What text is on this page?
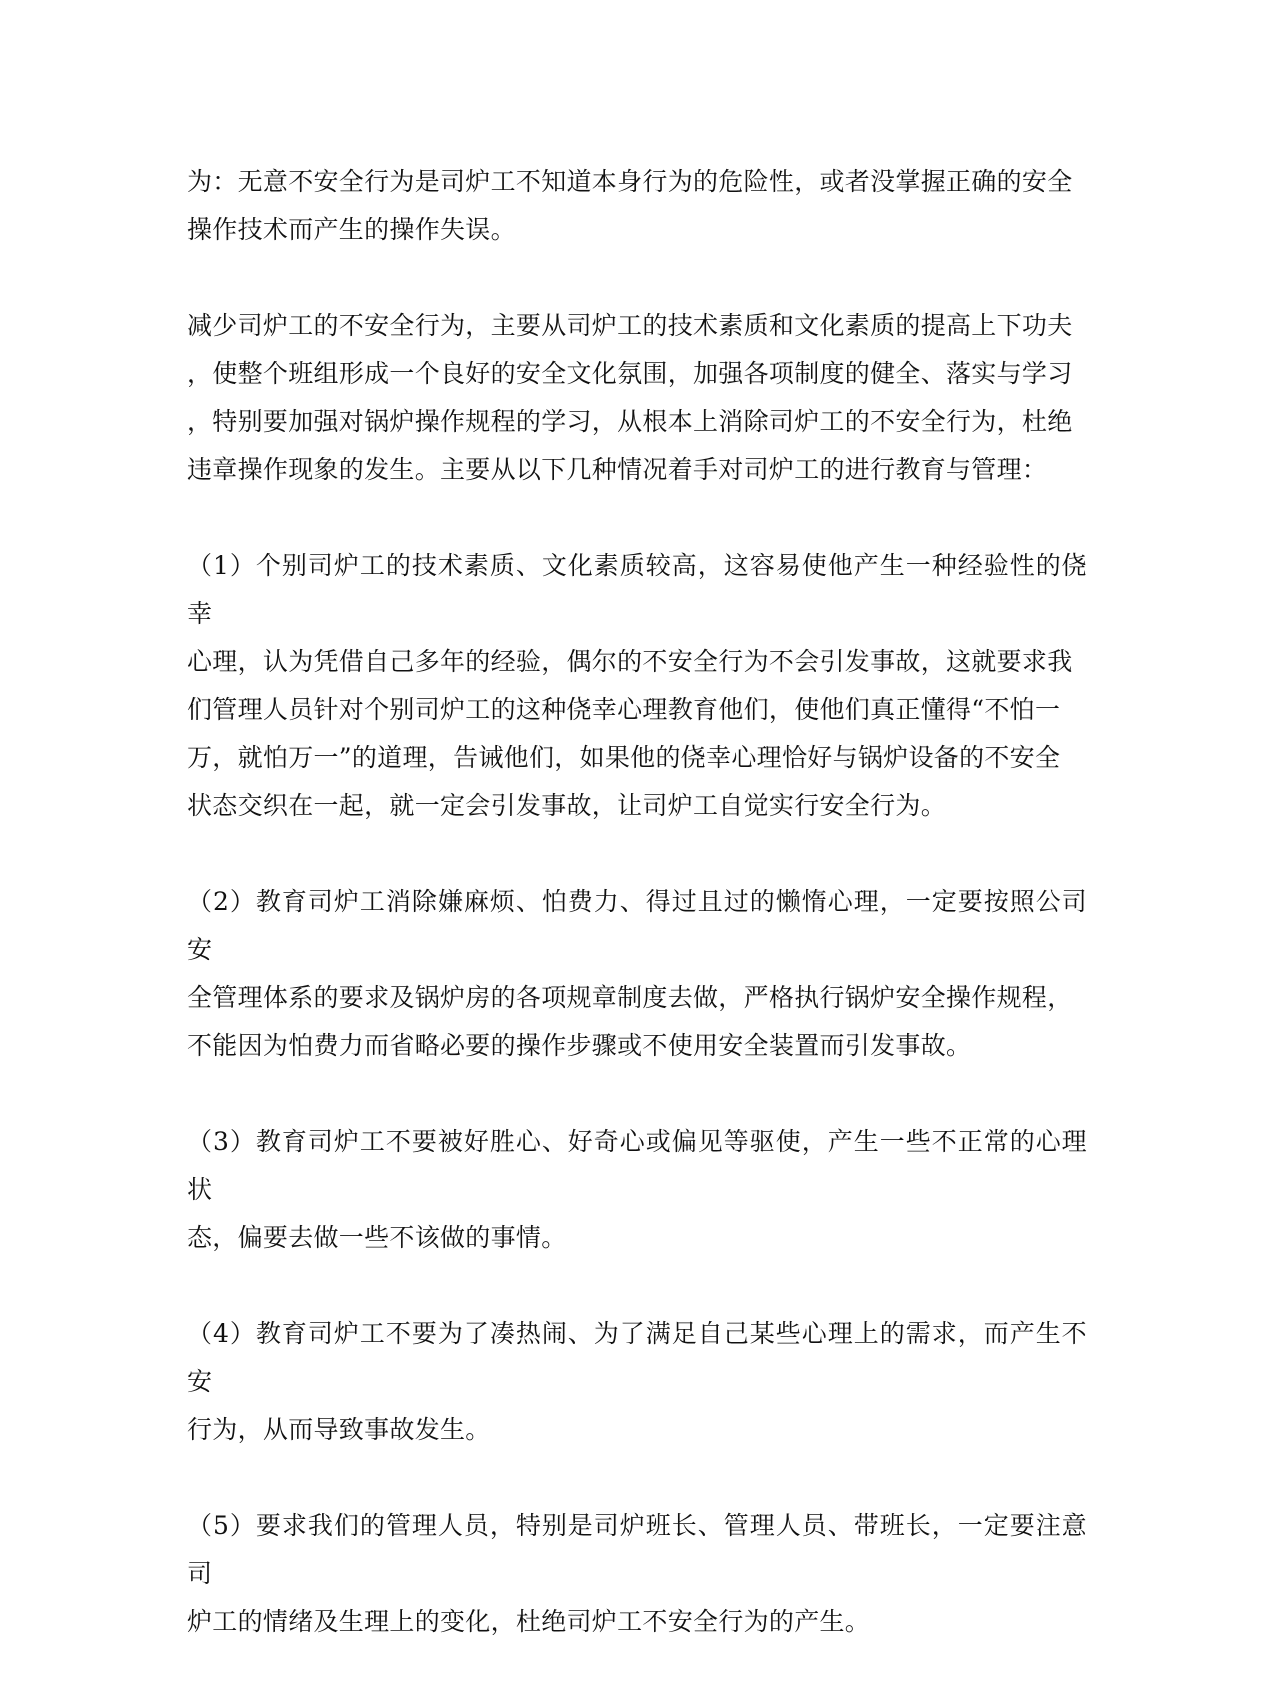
为：无意不安全行为是司炉工不知道本身行为的危险性，或者没掌握正确的安全
操作技术而产生的操作失误。

减少司炉工的不安全行为，主要从司炉工的技术素质和文化素质的提高上下功夫
，使整个班组形成一个良好的安全文化氛围，加强各项制度的健全、落实与学习
，特别要加强对锅炉操作规程的学习，从根本上消除司炉工的不安全行为，杜绝
违章操作现象的发生。主要从以下几种情况着手对司炉工的进行教育与管理：

（1）个别司炉工的技术素质、文化素质较高，这容易使他产生一种经验性的侥幸
心理，认为凭借自己多年的经验，偶尔的不安全行为不会引发事故，这就要求我
们管理人员针对个别司炉工的这种侥幸心理教育他们，使他们真正懂得“不怕一
万，就怕万一”的道理，告诫他们，如果他的侥幸心理恰好与锅炉设备的不安全
状态交织在一起，就一定会引发事故，让司炉工自觉实行安全行为。

（2）教育司炉工消除嫌麻烦、怕费力、得过且过的懒惰心理，一定要按照公司安
全管理体系的要求及锅炉房的各项规章制度去做，严格执行锅炉安全操作规程，
不能因为怕费力而省略必要的操作步骤或不使用安全装置而引发事故。

（3）教育司炉工不要被好胜心、好奇心或偏见等驱使，产生一些不正常的心理状
态，偏要去做一些不该做的事情。

（4）教育司炉工不要为了凑热闹、为了满足自己某些心理上的需求，而产生不安
行为，从而导致事故发生。

（5）要求我们的管理人员，特别是司炉班长、管理人员、带班长，一定要注意司
炉工的情绪及生理上的变化，杜绝司炉工不安全行为的产生。
